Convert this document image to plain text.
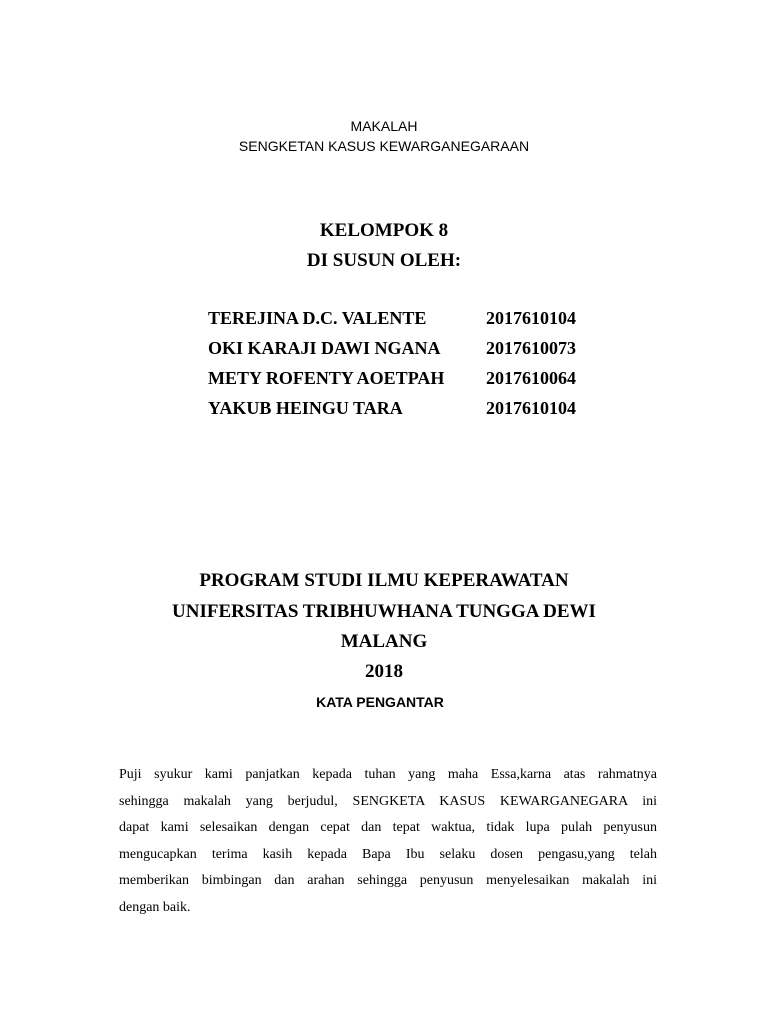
MAKALAH
SENGKETAN KASUS KEWARGANEGARAAN
KELOMPOK 8
DI SUSUN OLEH:
TEREJINA D.C. VALENTE	2017610104
OKI KARAJI DAWI NGANA	2017610073
METY ROFENTY AOETPAH 2017610064
YAKUB HEINGU TARA	2017610104
PROGRAM STUDI ILMU KEPERAWATAN
UNIFERSITAS TRIBHUWHANA TUNGGA DEWI
MALANG
2018
KATA PENGANTAR
Puji syukur kami panjatkan kepada tuhan yang maha Essa,karna atas rahmatnya
sehingga makalah yang berjudul, SENGKETA KASUS KEWARGANEGARA ini
dapat kami selesaikan dengan cepat dan tepat waktua, tidak lupa pulah penyusun
mengucapkan terima kasih kepada Bapa Ibu selaku dosen pengasu,yang telah
memberikan bimbingan dan arahan sehingga penyusun menyelesaikan makalah ini
dengan baik.
